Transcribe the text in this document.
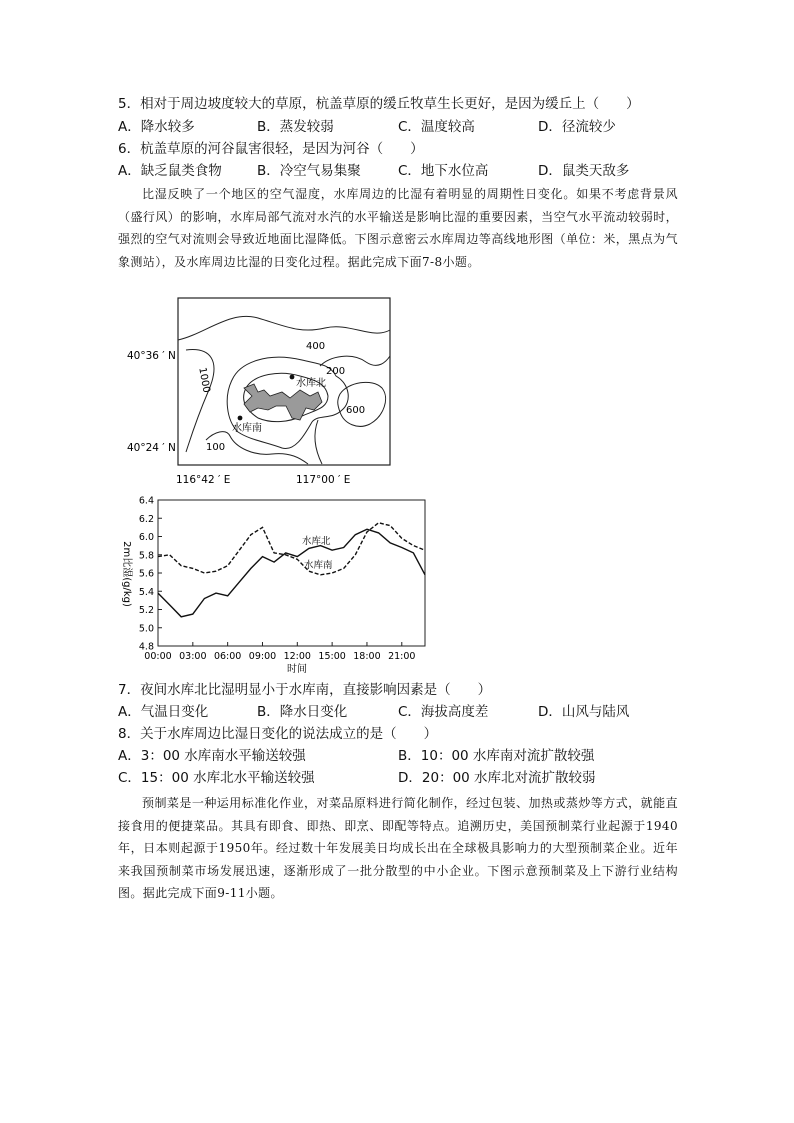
5．相对于周边坡度较大的草原，杭盖草原的缓丘牧草生长更好，是因为缓丘上（　　）
A．降水较多	B．蒸发较弱	C．温度较高	D．径流较少
6．杭盖草原的河谷鼠害很轻，是因为河谷（　　）
A．缺乏鼠类食物	B．冷空气易集聚	C．地下水位高	D．鼠类天敌多
比湿反映了一个地区的空气湿度，水库周边的比湿有着明显的周期性日变化。如果不考虑背景风（盛行风）的影响，水库局部气流对水汽的水平输送是影响比湿的重要因素，当空气水平流动较弱时，强烈的空气对流则会导致近地面比湿降低。下图示意密云水库周边等高线地形图（单位：米，黑点为气象测站），及水库周边比湿的日变化过程。据此完成下面7-8小题。
水库北
水库南
400
200
1000
600
100
40°36 ′ N
40°24 ′ N
116°42 ′ E	117°00 ′ E
4.8
5.0
5.2
5.4
5.6
5.8
6.0
6.2
6.4
00:00 03:00 06:00 09:00 12:00 15:00 18:00 21:00
2m比湿(g/kg)
时间
水库北
水库南
7．夜间水库北比湿明显小于水库南，直接影响因素是（　　）
A．气温日变化	B．降水日变化	C．海拔高度差	D．山风与陆风
8．关于水库周边比湿日变化的说法成立的是（　　）
A．3：00 水库南水平输送较强	B．10：00 水库南对流扩散较强
C．15：00 水库北水平输送较强	D．20：00 水库北对流扩散较弱
预制菜是一种运用标准化作业，对菜品原料进行简化制作，经过包装、加热或蒸炒等方式，就能直接食用的便捷菜品。其具有即食、即热、即烹、即配等特点。追溯历史，美国预制菜行业起源于1940年，日本则起源于1950年。经过数十年发展美日均成长出在全球极具影响力的大型预制菜企业。近年来我国预制菜市场发展迅速，逐渐形成了一批分散型的中小企业。下图示意预制菜及上下游行业结构图。据此完成下面9-11小题。
